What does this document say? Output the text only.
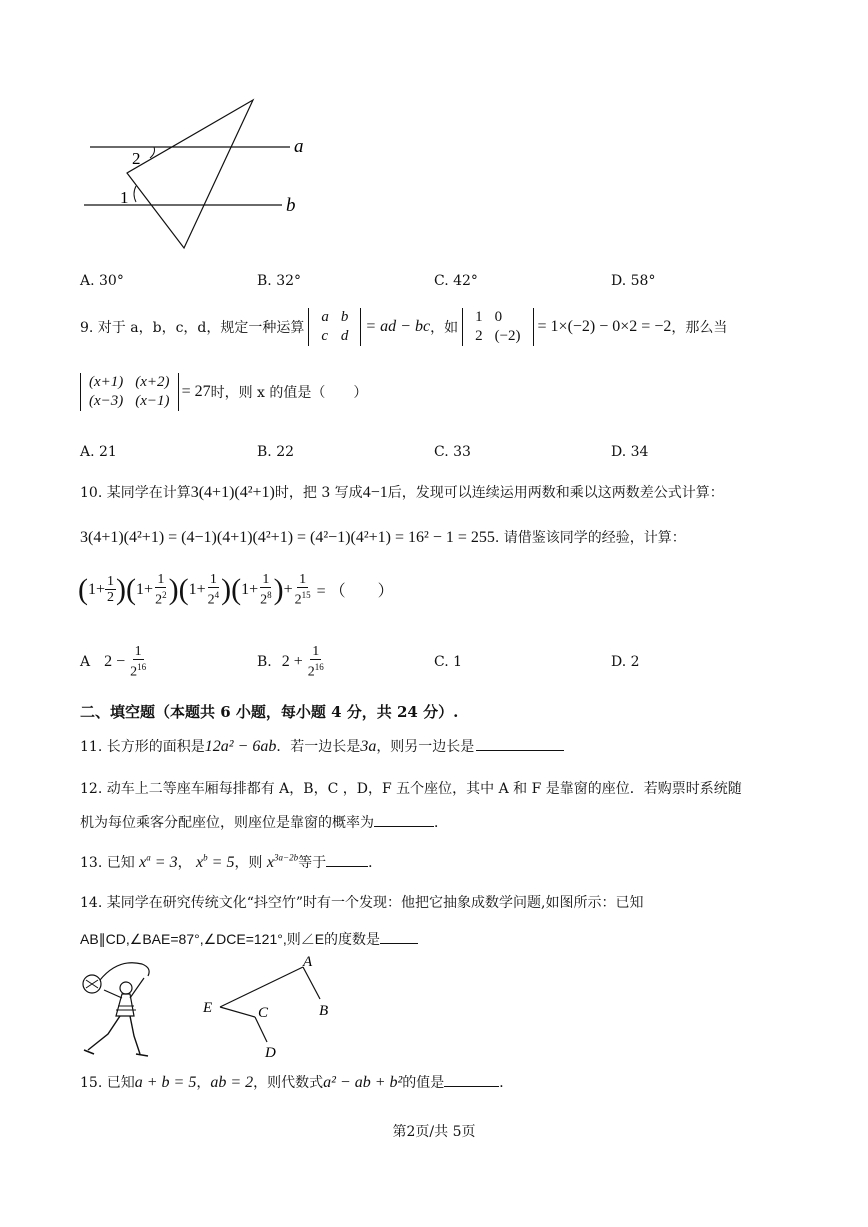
a
b
2
1
A. 30°	B. 32°	C. 42°	D. 58°
9. 对于 a，b，c，d，规定一种运算
a	b
c	d
= ad − bc ，如
1	0
2	(−2)
= 1×(−2) − 0×2 = −2 ，那么当
(x+1)	(x+2)
(x−3)	(x−1)
= 27 时，则 x 的值是（　　）
A. 21	B. 22	C. 33	D. 34
10. 某同学在计算3(4+1)(4²+1)时，把 3 写成4−1后，发现可以连续运用两数和乘以这两数差公式计算：
3(4+1)(4²+1) = (4−1)(4+1)(4²+1) = (4²−1)(4²+1) = 16² − 1 = 255. 请借鉴该同学的经验，计算：
( $1+ \frac{1}{2}$ ) ( $1+ \frac{1}{2^2}$ ) ( $1+ \frac{1}{2^4}$ ) ( $1+ \frac{1}{2^8}$ ) + $\frac{1}{2^{15}}$ = （　　）
A $2 - \frac{1}{2^{16}}$	B. $2 + \frac{1}{2^{16}}$	C. 1	D. 2
二、填空题（本题共 6 小题，每小题 4 分，共 24 分）.
11. 长方形的面积是12a² − 6ab．若一边长是3a，则另一边长是
12. 动车上二等座车厢每排都有 A，B，C ，D，F 五个座位，其中 A 和 F 是靠窗的座位．若购票时系统随
机为每位乘客分配座位，则座位是靠窗的概率为	．
13. 已知 $x^a = 3$， $x^b = 5$，则 $x^{3a-2b}$等于	．
14. 某同学在研究传统文化“抖空竹”时有一个发现：他把它抽象成数学问题,如图所示：已知
AB∥CD,∠BAE=87°,∠DCE=121°,则∠E的度数是
A
B
C
D
E
15. 已知a + b = 5，ab = 2，则代数式a² − ab + b²的值是	．
第2页/共 5页
